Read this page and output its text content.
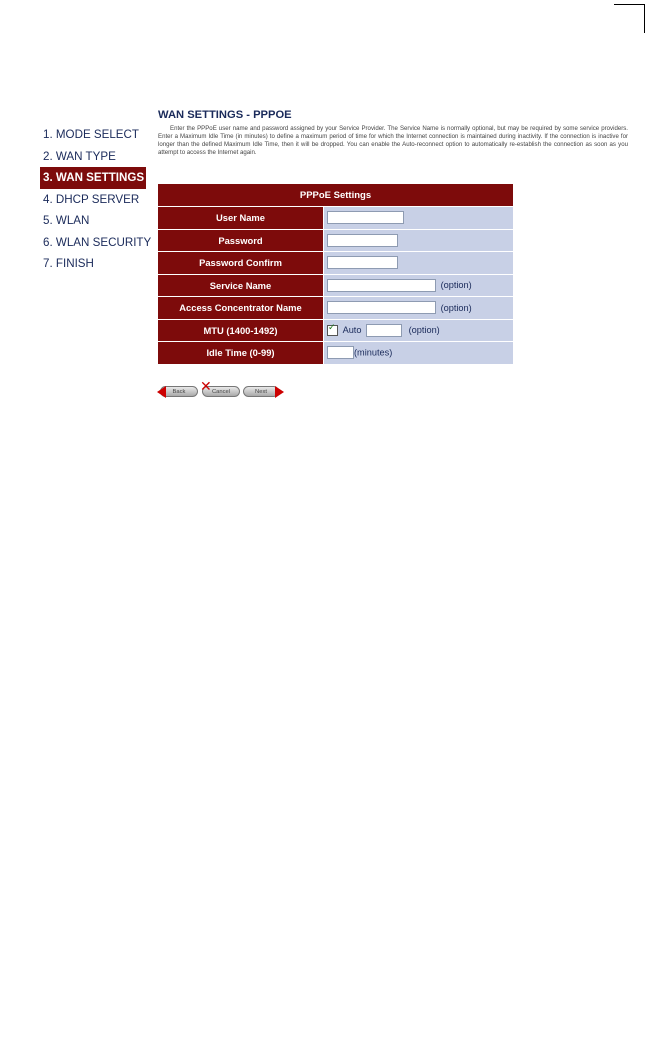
1. MODE SELECT
2. WAN TYPE
3. WAN SETTINGS
4. DHCP SERVER
5. WLAN
6. WLAN SECURITY
7. FINISH
WAN SETTINGS - PPPOE
Enter the PPPoE user name and password assigned by your Service Provider. The Service Name is normally optional, but may be required by some service providers. Enter a Maximum Idle Time (in minutes) to define a maximum period of time for which the Internet connection is maintained during inactivity. If the connection is inactive for longer than the defined Maximum Idle Time, then it will be dropped. You can enable the Auto-reconnect option to automatically re-establish the connection as soon as you attempt to access the Internet again.
PPPoE Settings	
User Name	
Password	
Password Confirm	
Service Name	(option)
Access Concentrator Name	(option)
MTU (1400-1492)	✓Auto (option)
Idle Time (0-99)	(minutes)
Back	✕ Cancel	Next
